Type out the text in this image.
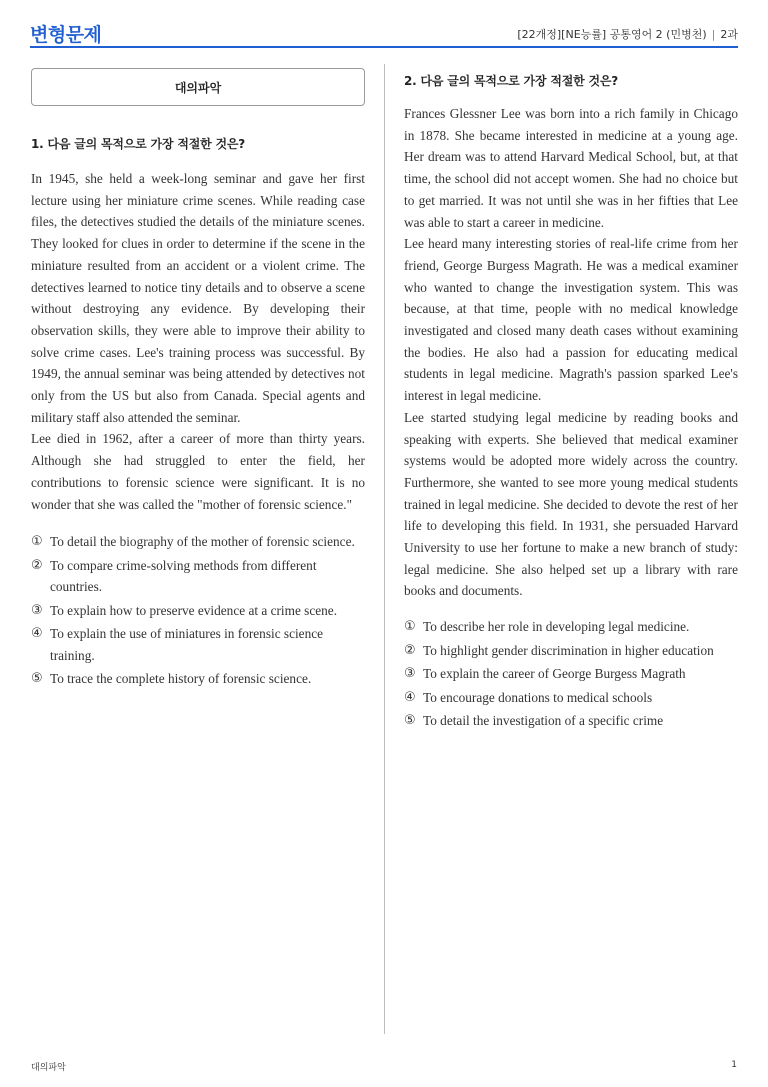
변형문제	[22개정][NE능률] 공통영어 2 (민병천) | 2과
대의파악
1. 다음 글의 목적으로 가장 적절한 것은?

In 1945, she held a week-long seminar and gave her first lecture using her miniature crime scenes. While reading case files, the detectives studied the details of the miniature scenes. They looked for clues in order to determine if the scene in the miniature resulted from an accident or a violent crime. The detectives learned to notice tiny details and to observe a scene without destroying any evidence. By developing their observation skills, they were able to improve their ability to solve crime cases. Lee's training process was successful. By 1949, the annual seminar was being attended by detectives not only from the US but also from Canada. Special agents and military staff also attended the seminar.

Lee died in 1962, after a career of more than thirty years. Although she had struggled to enter the field, her contributions to forensic science were significant. It is no wonder that she was called the "mother of forensic science."

① To detail the biography of the mother of forensic science.
② To compare crime-solving methods from different countries.
③ To explain how to preserve evidence at a crime scene.
④ To explain the use of miniatures in forensic science training.
⑤ To trace the complete history of forensic science.
2. 다음 글의 목적으로 가장 적절한 것은?

Frances Glessner Lee was born into a rich family in Chicago in 1878. She became interested in medicine at a young age. Her dream was to attend Harvard Medical School, but, at that time, the school did not accept women. She had no choice but to get married. It was not until she was in her fifties that Lee was able to start a career in medicine.

Lee heard many interesting stories of real-life crime from her friend, George Burgess Magrath. He was a medical examiner who wanted to change the investigation system. This was because, at that time, people with no medical knowledge investigated and closed many death cases without examining the bodies. He also had a passion for educating medical students in legal medicine. Magrath's passion sparked Lee's interest in legal medicine.

Lee started studying legal medicine by reading books and speaking with experts. She believed that medical examiner systems would be adopted more widely across the country. Furthermore, she wanted to see more young medical students trained in legal medicine. She decided to devote the rest of her life to developing this field. In 1931, she persuaded Harvard University to use her fortune to make a new branch of study: legal medicine. She also helped set up a library with rare books and documents.

① To describe her role in developing legal medicine.
② To highlight gender discrimination in higher education
③ To explain the career of George Burgess Magrath
④ To encourage donations to medical schools
⑤ To detail the investigation of a specific crime
대의파악	1
